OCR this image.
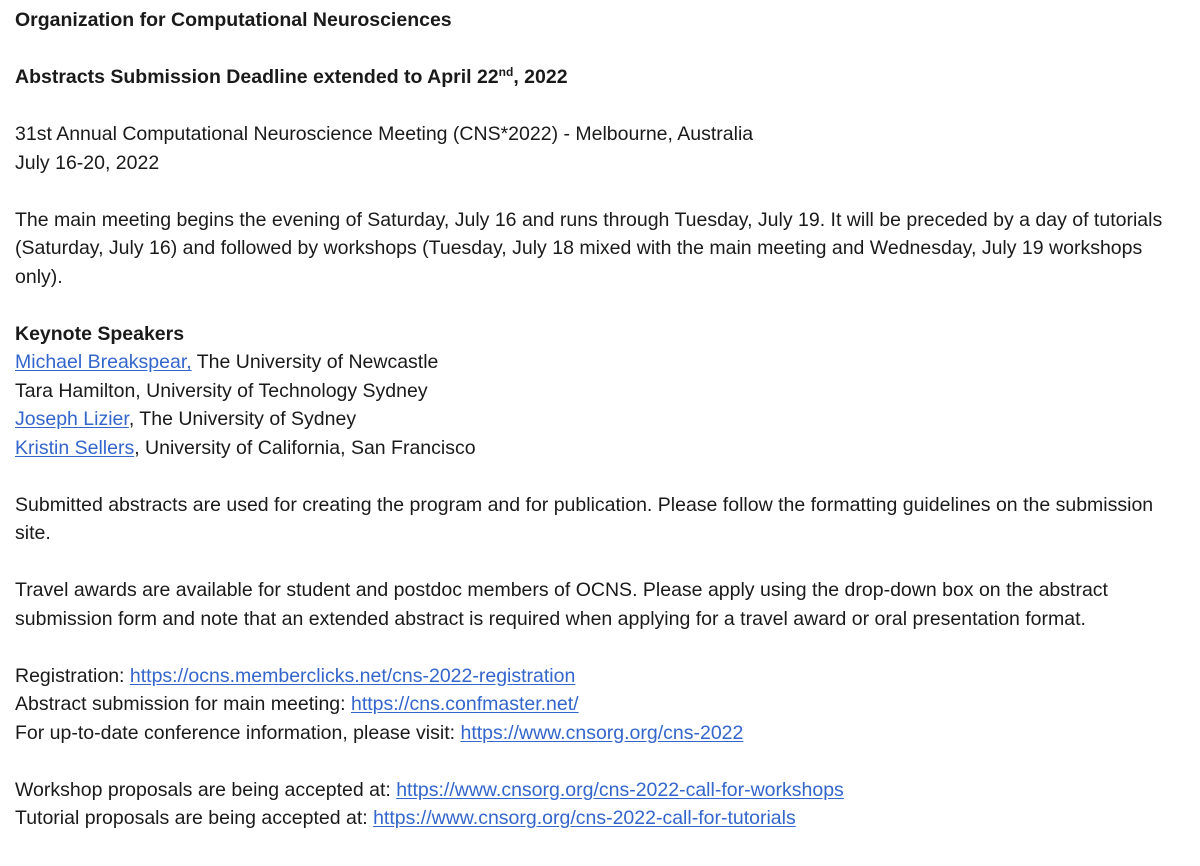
Organization for Computational Neurosciences
Abstracts Submission Deadline extended to April 22nd, 2022
31st Annual Computational Neuroscience Meeting (CNS*2022) - Melbourne, Australia
July 16-20, 2022
The main meeting begins the evening of Saturday, July 16 and runs through Tuesday, July 19. It will be preceded by a day of tutorials (Saturday, July 16) and followed by workshops (Tuesday, July 18 mixed with the main meeting and Wednesday, July 19 workshops only).
Keynote Speakers
Michael Breakspear, The University of Newcastle
Tara Hamilton, University of Technology Sydney
Joseph Lizier, The University of Sydney
Kristin Sellers, University of California, San Francisco
Submitted abstracts are used for creating the program and for publication. Please follow the formatting guidelines on the submission site.
Travel awards are available for student and postdoc members of OCNS. Please apply using the drop-down box on the abstract submission form and note that an extended abstract is required when applying for a travel award or oral presentation format.
Registration: https://ocns.memberclicks.net/cns-2022-registration
Abstract submission for main meeting: https://cns.confmaster.net/
For up-to-date conference information, please visit: https://www.cnsorg.org/cns-2022
Workshop proposals are being accepted at: https://www.cnsorg.org/cns-2022-call-for-workshops
Tutorial proposals are being accepted at: https://www.cnsorg.org/cns-2022-call-for-tutorials
